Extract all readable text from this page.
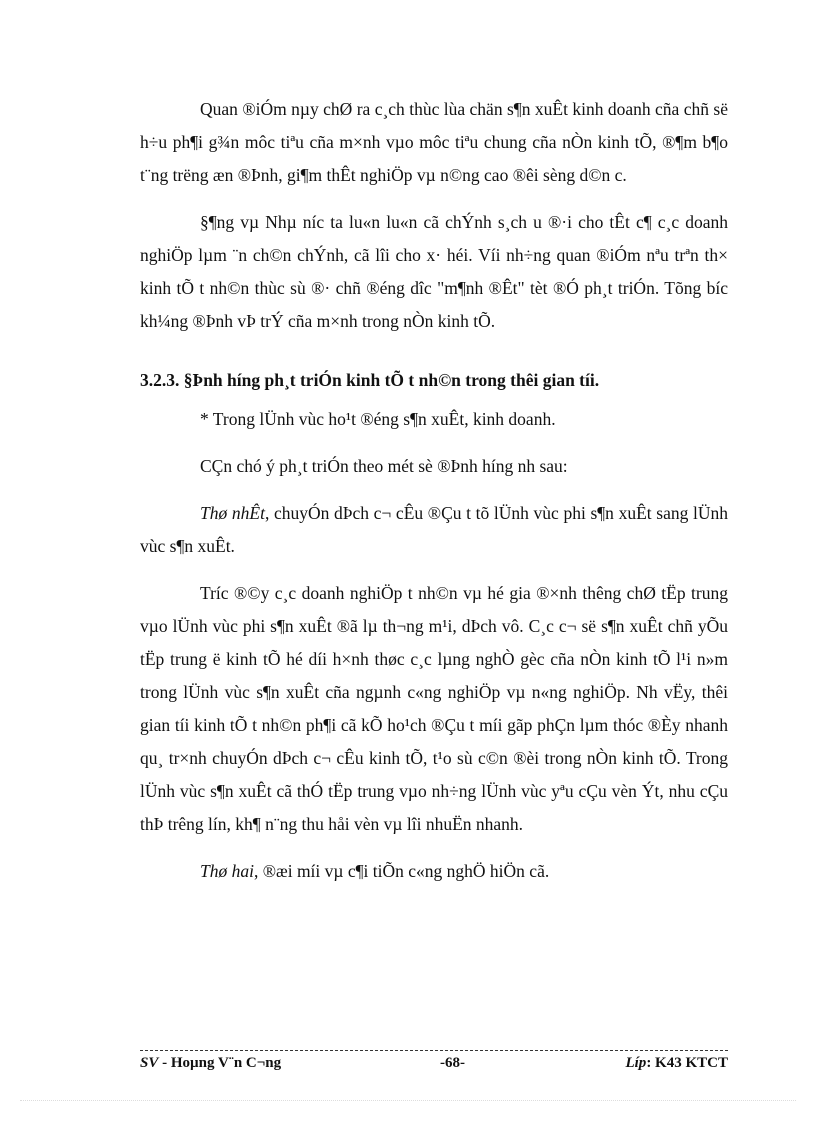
Quan ®iÓm nµy chØ ra c¸ch thùc lùa chän s¶n xuÊt kinh doanh cña chñ së h÷u ph¶i g¾n môc tiªu cña m×nh vµo môc tiªu chung cña nÒn kinh tÕ, ®¶m b¶o t¨ng trëng æn ®Þnh, gi¶m thÊt nghiÖp vµ n©ng cao ®êi sèng d©n c.

§¶ng vµ Nhµ níc ta lu«n lu«n cã chÝnh s¸ch u ®·i cho tÊt c¶ c¸c doanh nghiÖp lµm ¨n ch©n chÝnh, cã lîi cho x· héi. Víi nh÷ng quan ®iÓm nªu trªn th× kinh tÕ t nh©n thùc sù ®· chñ ®éng dîc "m¶nh ®Êt" tèt ®Ó ph¸t triÓn. Tõng bíc kh¼ng ®Þnh vÞ trÝ cña m×nh trong nÒn kinh tÕ.

3.2.3. §Þnh híng ph¸t triÓn kinh tÕ t nh©n trong thêi gian tíi.

* Trong lÜnh vùc ho¹t ®éng s¶n xuÊt, kinh doanh.

CÇn chó ý ph¸t triÓn theo mét sè ®Þnh híng nh sau:

Thø nhÊt, chuyÓn dÞch c¬ cÊu ®Çu t tõ lÜnh vùc phi s¶n xuÊt sang lÜnh vùc s¶n xuÊt.

Tríc ®©y c¸c doanh nghiÖp t nh©n vµ hé gia ®×nh thêng chØ tËp trung vµo lÜnh vùc phi s¶n xuÊt ®ã lµ th¬ng m¹i, dÞch vô. C¸c c¬ së s¶n xuÊt chñ yÕu tËp trung ë kinh tÕ hé díi h×nh thøc c¸c lµng nghÒ gèc cña nÒn kinh tÕ l¹i n»m trong lÜnh vùc s¶n xuÊt cña ngµnh c«ng nghiÖp vµ n«ng nghiÖp. Nh vËy, thêi gian tíi kinh tÕ t nh©n ph¶i cã kÕ ho¹ch ®Çu t míi gãp phÇn lµm thóc ®Èy nhanh qu¸ tr×nh chuyÓn dÞch c¬ cÊu kinh tÕ, t¹o sù c©n ®èi trong nÒn kinh tÕ. Trong lÜnh vùc s¶n xuÊt cã thÓ tËp trung vµo nh÷ng lÜnh vùc yªu cÇu vèn Ýt, nhu cÇu thÞ trêng lín, kh¶ n¨ng thu håi vèn vµ lîi nhuËn nhanh.

Thø hai, ®æi míi vµ c¶i tiÕn c«ng nghÖ hiÖn cã.

SV - Hoµng V¨n C¬ng	-68-	Líp: K43 KTCT
